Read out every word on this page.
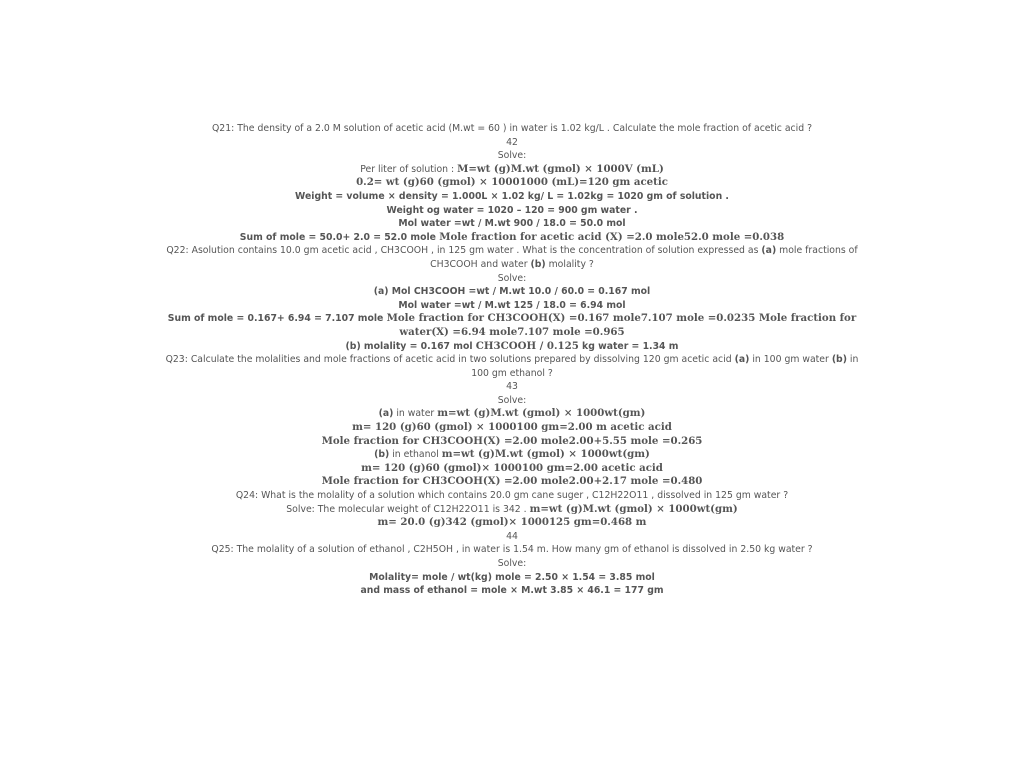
Q21: The density of a 2.0 M solution of acetic acid (M.wt = 60 ) in water is 1.02 kg/L . Calculate the mole fraction of acetic acid ?

42

Solve:

Per liter of solution : M=wt (g)M.wt (gmol) × 1000V (mL)

0.2= wt (g)60 (gmol) × 10001000 (mL)=120 gm acetic

Weight = volume × density = 1.000L × 1.02 kg/ L = 1.02kg = 1020 gm of solution .

Weight og water = 1020 – 120 = 900 gm water .

Mol water =wt / M.wt 900 / 18.0 = 50.0 mol

Sum of mole = 50.0+ 2.0 = 52.0 mole Mole fraction for acetic acid (X) =2.0 mole52.0 mole =0.038

Q22: Asolution contains 10.0 gm acetic acid , CH3COOH , in 125 gm water . What is the concentration of solution expressed as (a) mole fractions of CH3COOH and water (b) molality ?

Solve:

(a) Mol CH3COOH =wt / M.wt 10.0 / 60.0 = 0.167 mol

Mol water =wt / M.wt 125 / 18.0 = 6.94 mol

Sum of mole = 0.167+ 6.94 = 7.107 mole Mole fraction for CH3COOH(X) =0.167 mole7.107 mole =0.0235 Mole fraction for water(X) =6.94 mole7.107 mole =0.965

(b) molality = 0.167 mol CH3COOH / 0.125 kg water = 1.34 m

Q23: Calculate the molalities and mole fractions of acetic acid in two solutions prepared by dissolving 120 gm acetic acid (a) in 100 gm water (b) in 100 gm ethanol ?

43

Solve:

(a) in water m=wt (g)M.wt (gmol) × 1000wt(gm)

m= 120 (g)60 (gmol) × 1000100 gm=2.00 m acetic acid

Mole fraction for CH3COOH(X) =2.00 mole2.00+5.55 mole =0.265

(b) in ethanol m=wt (g)M.wt (gmol) × 1000wt(gm)

m= 120 (g)60 (gmol)× 1000100 gm=2.00 acetic acid

Mole fraction for CH3COOH(X) =2.00 mole2.00+2.17 mole =0.480

Q24: What is the molality of a solution which contains 20.0 gm cane suger , C12H22O11 , dissolved in 125 gm water ?

Solve: The molecular weight of C12H22O11 is 342 . m=wt (g)M.wt (gmol) × 1000wt(gm)

m= 20.0 (g)342 (gmol)× 1000125 gm=0.468 m

44

Q25: The molality of a solution of ethanol , C2H5OH , in water is 1.54 m. How many gm of ethanol is dissolved in 2.50 kg water ?

Solve:

Molality= mole / wt(kg) mole = 2.50 × 1.54 = 3.85 mol

and mass of ethanol = mole × M.wt 3.85 × 46.1 = 177 gm
